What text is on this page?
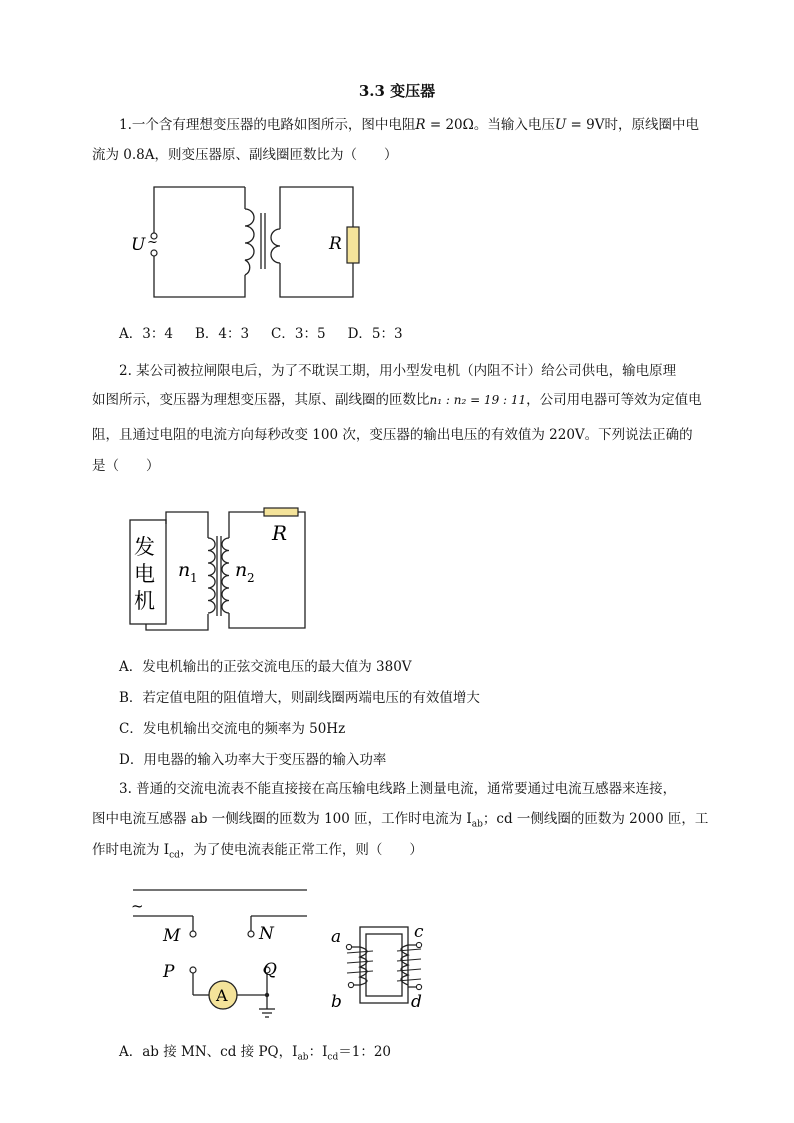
3.3 变压器
1.一个含有理想变压器的电路如图所示，图中电阻R = 20Ω。当输入电压U = 9V时，原线圈中电
流为 0.8A，则变压器原、副线圈匝数比为（　　）
U ~	R
A．3：4 B．4：3 C．3：5 D．5：3
2. 某公司被拉闸限电后，为了不耽误工期，用小型发电机（内阻不计）给公司供电，输电原理
如图所示，变压器为理想变压器，其原、副线圈的匝数比n₁ : n₂ = 19 : 11，公司用电器可等效为定值电
阻，且通过电阻的电流方向每秒改变 100 次，变压器的输出电压的有效值为 220V。下列说法正确的
是（　　）
发
电
机
n 1 n 2
R
A．发电机输出的正弦交流电压的最大值为 380V
B．若定值电阻的阻值增大，则副线圈两端电压的有效值增大
C．发电机输出交流电的频率为 50Hz
D．用电器的输入功率大于变压器的输入功率
3. 普通的交流电流表不能直接接在高压输电线路上测量电流，通常要通过电流互感器来连接，
图中电流互感器 ab 一侧线圈的匝数为 100 匝，工作时电流为 $I_{ab}$；cd 一侧线圈的匝数为 2000 匝，工
作时电流为 $I_{cd}$，为了使电流表能正常工作，则（　　）
~
M	N
P	Q
A
a
b
c
d
A．ab 接 MN、cd 接 PQ，$I_{ab}$：$I_{cd}=1$：20
